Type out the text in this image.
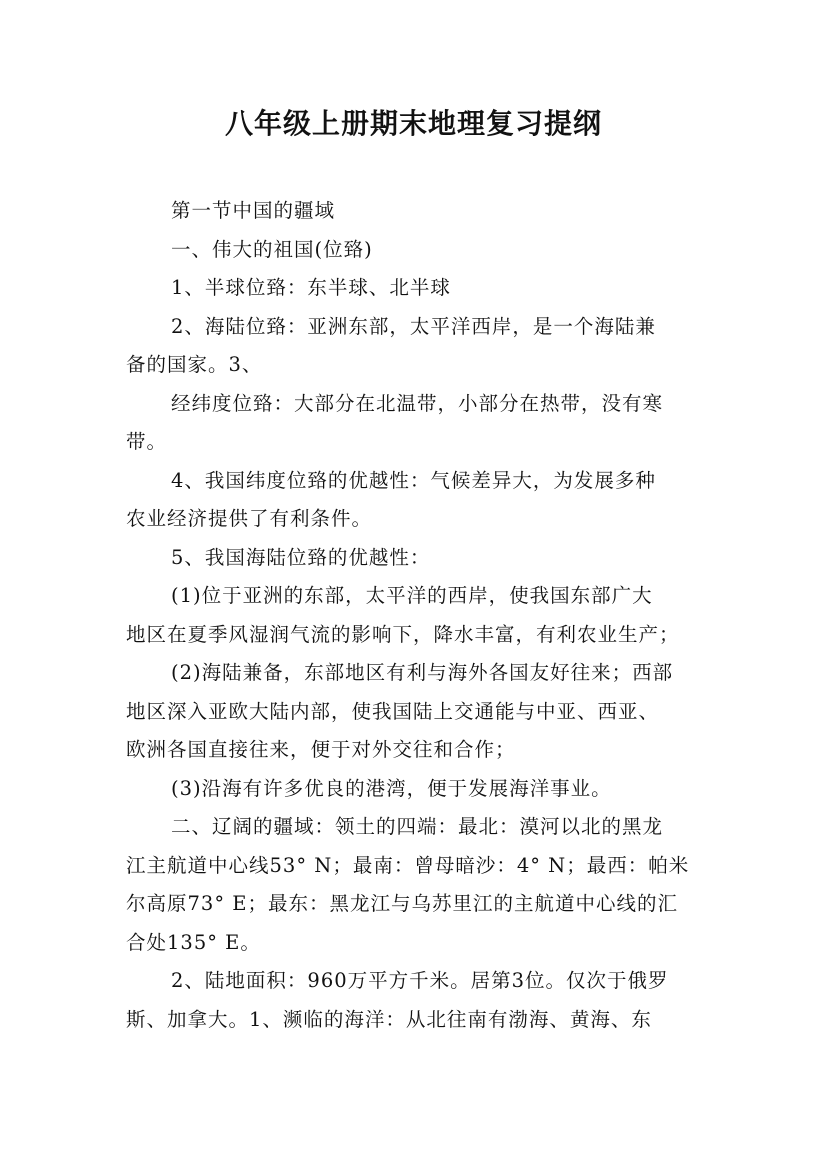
八年级上册期末地理复习提纲
第一节中国的疆域
一、伟大的祖国(位臵)
1、半球位臵：东半球、北半球
2、海陆位臵：亚洲东部，太平洋西岸，是一个海陆兼
备的国家。3、
经纬度位臵：大部分在北温带，小部分在热带，没有寒
带。
4、我国纬度位臵的优越性：气候差异大，为发展多种
农业经济提供了有利条件。
5、我国海陆位臵的优越性：
(1)位于亚洲的东部，太平洋的西岸，使我国东部广大
地区在夏季风湿润气流的影响下，降水丰富，有利农业生产；
(2)海陆兼备，东部地区有利与海外各国友好往来；西部
地区深入亚欧大陆内部，使我国陆上交通能与中亚、西亚、
欧洲各国直接往来，便于对外交往和合作；
(3)沿海有许多优良的港湾，便于发展海洋事业。
二、辽阔的疆域：领土的四端：最北：漠河以北的黑龙
江主航道中心线53° N；最南：曾母暗沙：4° N；最西：帕米
尔高原73° E；最东：黑龙江与乌苏里江的主航道中心线的汇
合处135° E。
2、陆地面积：960万平方千米。居第3位。仅次于俄罗
斯、加拿大。1、濒临的海洋：从北往南有渤海、黄海、东
